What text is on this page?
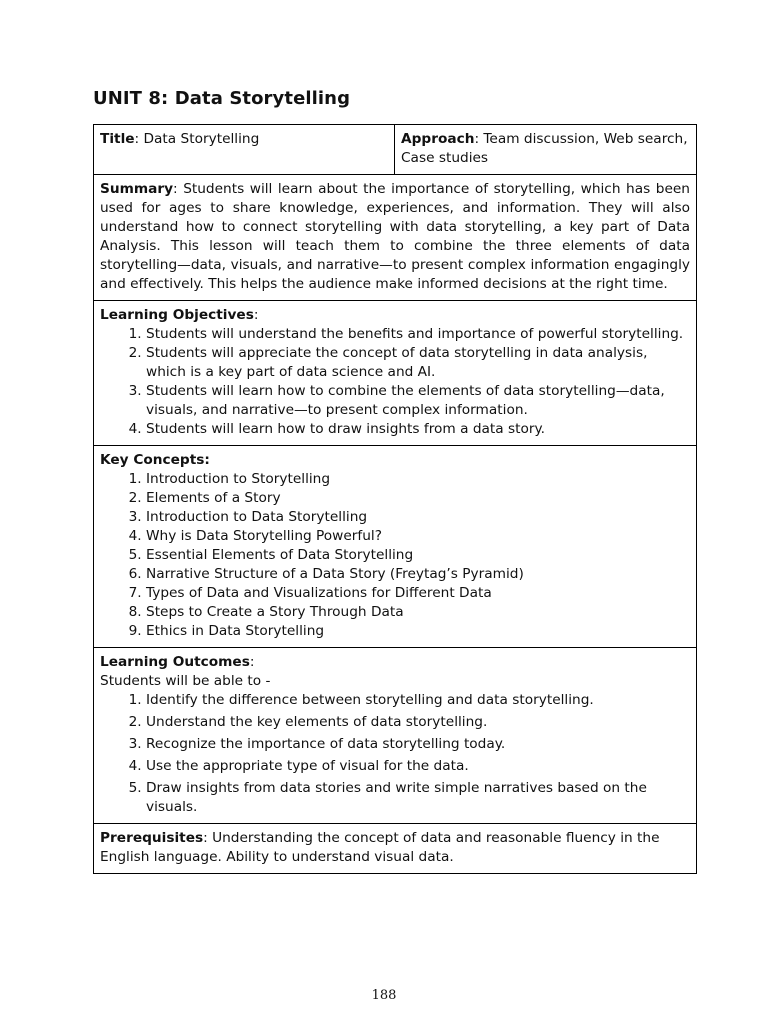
UNIT 8: Data Storytelling
Title: Data Storytelling	Approach: Team discussion, Web search, Case studies
Summary: Students will learn about the importance of storytelling, which has been used for ages to share knowledge, experiences, and information. They will also understand how to connect storytelling with data storytelling, a key part of Data Analysis. This lesson will teach them to combine the three elements of data storytelling—data, visuals, and narrative—to present complex information engagingly and effectively. This helps the audience make informed decisions at the right time.

Learning Objectives:
1. Students will understand the benefits and importance of powerful storytelling.
2. Students will appreciate the concept of data storytelling in data analysis, which is a key part of data science and AI.
3. Students will learn how to combine the elements of data storytelling—data, visuals, and narrative—to present complex information.
4. Students will learn how to draw insights from a data story.

Key Concepts:
1. Introduction to Storytelling
2. Elements of a Story
3. Introduction to Data Storytelling
4. Why is Data Storytelling Powerful?
5. Essential Elements of Data Storytelling
6. Narrative Structure of a Data Story (Freytag’s Pyramid)
7. Types of Data and Visualizations for Different Data
8. Steps to Create a Story Through Data
9. Ethics in Data Storytelling

Learning Outcomes:
Students will be able to -
1. Identify the difference between storytelling and data storytelling.
2. Understand the key elements of data storytelling.
3. Recognize the importance of data storytelling today.
4. Use the appropriate type of visual for the data.
5. Draw insights from data stories and write simple narratives based on the visuals.

Prerequisites: Understanding the concept of data and reasonable fluency in the English language. Ability to understand visual data.
188
